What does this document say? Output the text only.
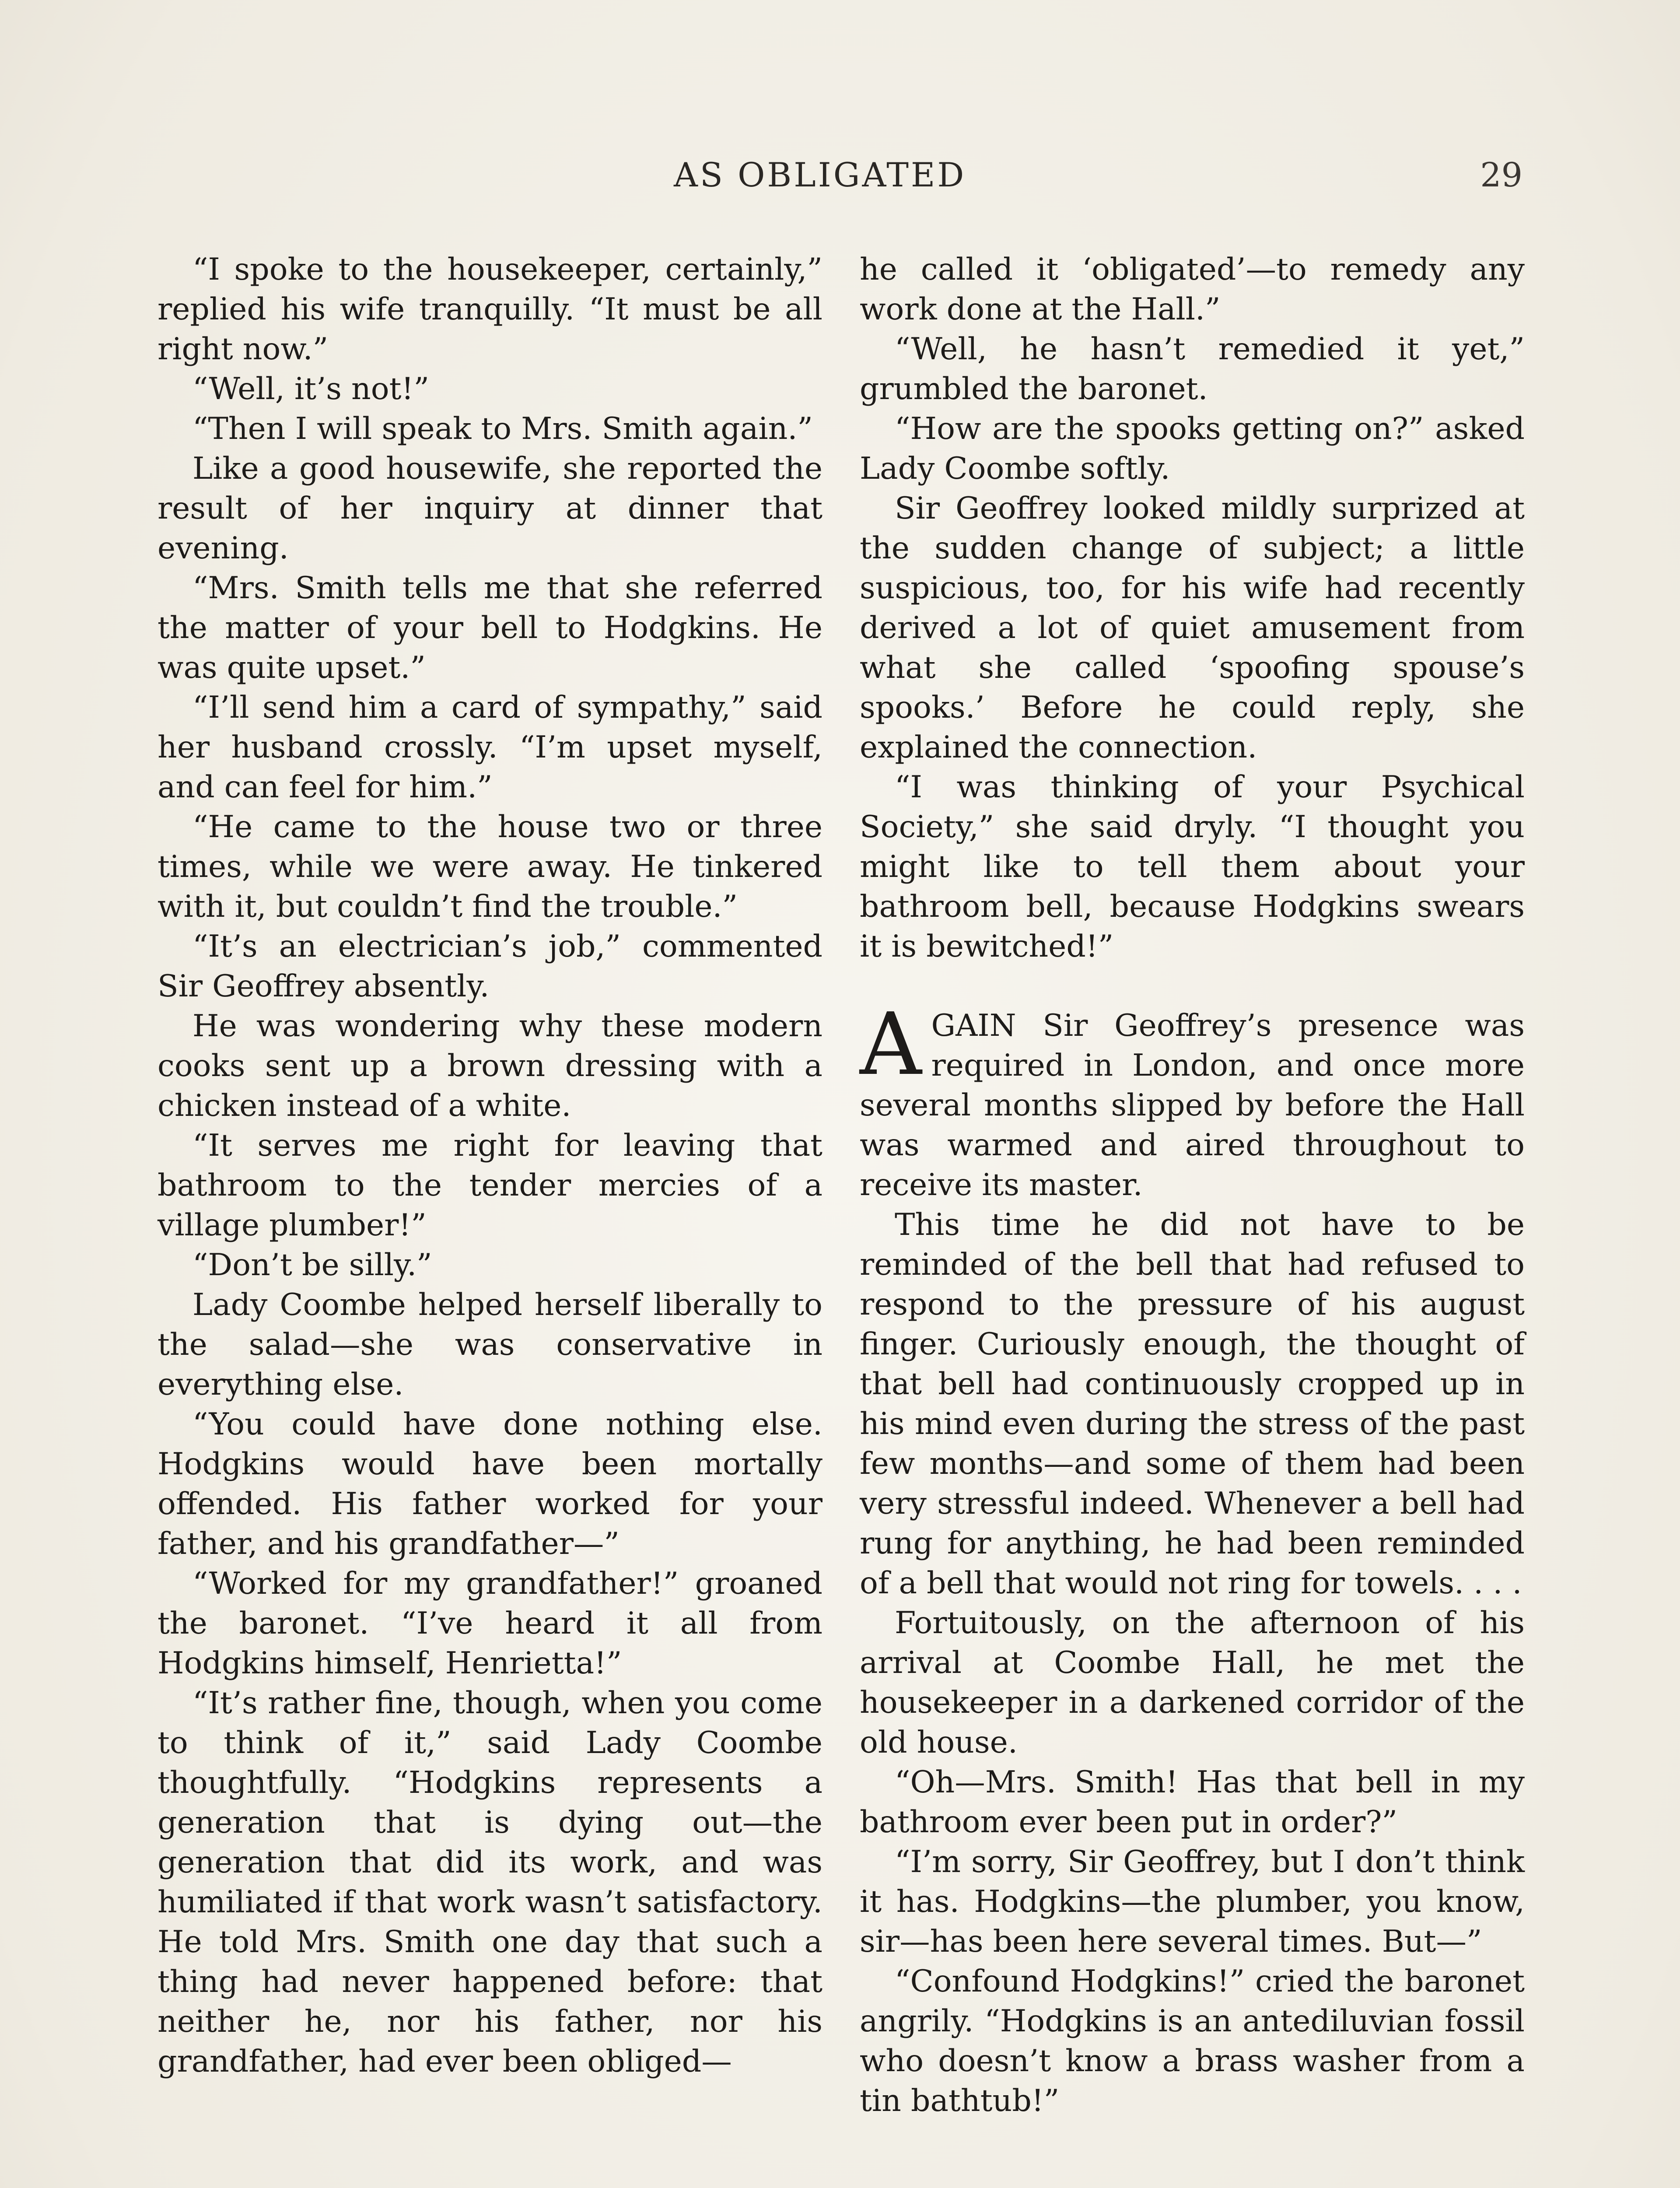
AS OBLIGATED	29

“I spoke to the housekeeper, certainly,” replied his wife tranquilly. “It must be all right now.”

“Well, it’s not!”

“Then I will speak to Mrs. Smith again.”

Like a good housewife, she reported the result of her inquiry at dinner that evening.

“Mrs. Smith tells me that she referred the matter of your bell to Hodgkins. He was quite upset.”

“I’ll send him a card of sympathy,” said her husband crossly. “I’m upset myself, and can feel for him.”

“He came to the house two or three times, while we were away. He tinkered with it, but couldn’t find the trouble.”

“It’s an electrician’s job,” commented Sir Geoffrey absently.

He was wondering why these modern cooks sent up a brown dressing with a chicken instead of a white.

“It serves me right for leaving that bathroom to the tender mercies of a village plumber!”

“Don’t be silly.”

Lady Coombe helped herself liberally to the salad—she was conservative in everything else.

“You could have done nothing else. Hodgkins would have been mortally offended. His father worked for your father, and his grandfather—”

“Worked for my grandfather!” groaned the baronet. “I’ve heard it all from Hodgkins himself, Henrietta!”

“It’s rather fine, though, when you come to think of it,” said Lady Coombe thoughtfully. “Hodgkins represents a generation that is dying out—the generation that did its work, and was humiliated if that work wasn’t satisfactory. He told Mrs. Smith one day that such a thing had never happened before: that neither he, nor his father, nor his grandfather, had ever been obliged—

he called it ‘obligated’—to remedy any work done at the Hall.”

“Well, he hasn’t remedied it yet,” grumbled the baronet.

“How are the spooks getting on?” asked Lady Coombe softly.

Sir Geoffrey looked mildly surprized at the sudden change of subject; a little suspicious, too, for his wife had recently derived a lot of quiet amusement from what she called ‘spoofing spouse’s spooks.’ Before he could reply, she explained the connection.

“I was thinking of your Psychical Society,” she said dryly. “I thought you might like to tell them about your bathroom bell, because Hodgkins swears it is bewitched!”

AGAIN Sir Geoffrey’s presence was required in London, and once more several months slipped by before the Hall was warmed and aired throughout to receive its master.

This time he did not have to be reminded of the bell that had refused to respond to the pressure of his august finger. Curiously enough, the thought of that bell had continuously cropped up in his mind even during the stress of the past few months—and some of them had been very stressful indeed. Whenever a bell had rung for anything, he had been reminded of a bell that would not ring for towels. . . .

Fortuitously, on the afternoon of his arrival at Coombe Hall, he met the housekeeper in a darkened corridor of the old house.

“Oh—Mrs. Smith! Has that bell in my bathroom ever been put in order?”

“I’m sorry, Sir Geoffrey, but I don’t think it has. Hodgkins—the plumber, you know, sir—has been here several times. But—”

“Confound Hodgkins!” cried the baronet angrily. “Hodgkins is an antediluvian fossil who doesn’t know a brass washer from a tin bathtub!”
